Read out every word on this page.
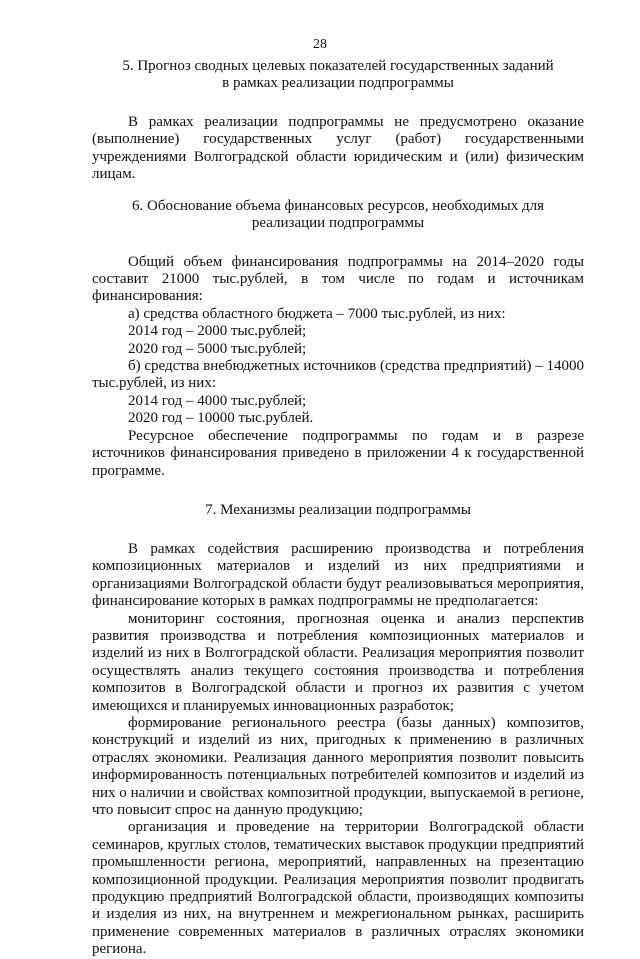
28
5. Прогноз сводных целевых показателей государственных заданий
в рамках реализации подпрограммы

В рамках реализации подпрограммы не предусмотрено оказание (выполнение) государственных услуг (работ) государственными учреждениями Волгоградской области юридическим и (или) физическим лицам.

6. Обоснование объема финансовых ресурсов, необходимых для
реализации подпрограммы

Общий объем финансирования подпрограммы на 2014–2020 годы составит 21000 тыс.рублей, в том числе по годам и источникам финансирования:

а) средства областного бюджета – 7000 тыс.рублей, из них:

2014 год – 2000 тыс.рублей;

2020 год – 5000 тыс.рублей;

б) средства внебюджетных источников (средства предприятий) – 14000 тыс.рублей, из них:

2014 год – 4000 тыс.рублей;

2020 год – 10000 тыс.рублей.

Ресурсное обеспечение подпрограммы по годам и в разрезе источников финансирования приведено в приложении 4 к государственной программе.

7. Механизмы реализации подпрограммы

В рамках содействия расширению производства и потребления композиционных материалов и изделий из них предприятиями и организациями Волгоградской области будут реализовываться мероприятия, финансирование которых в рамках подпрограммы не предполагается:

мониторинг состояния, прогнозная оценка и анализ перспектив развития производства и потребления композиционных материалов и изделий из них в Волгоградской области. Реализация мероприятия позволит осуществлять анализ текущего состояния производства и потребления композитов в Волгоградской области и прогноз их развития с учетом имеющихся и планируемых инновационных разработок;

формирование регионального реестра (базы данных) композитов, конструкций и изделий из них, пригодных к применению в различных отраслях экономики. Реализация данного мероприятия позволит повысить информированность потенциальных потребителей композитов и изделий из них о наличии и свойствах композитной продукции, выпускаемой в регионе, что повысит спрос на данную продукцию;

организация и проведение на территории Волгоградской области семинаров, круглых столов, тематических выставок продукции предприятий промышленности региона, мероприятий, направленных на презентацию композиционной продукции. Реализация мероприятия позволит продвигать продукцию предприятий Волгоградской области, производящих композиты и изделия из них, на внутреннем и межрегиональном рынках, расширить применение современных материалов в различных отраслях экономики региона.
